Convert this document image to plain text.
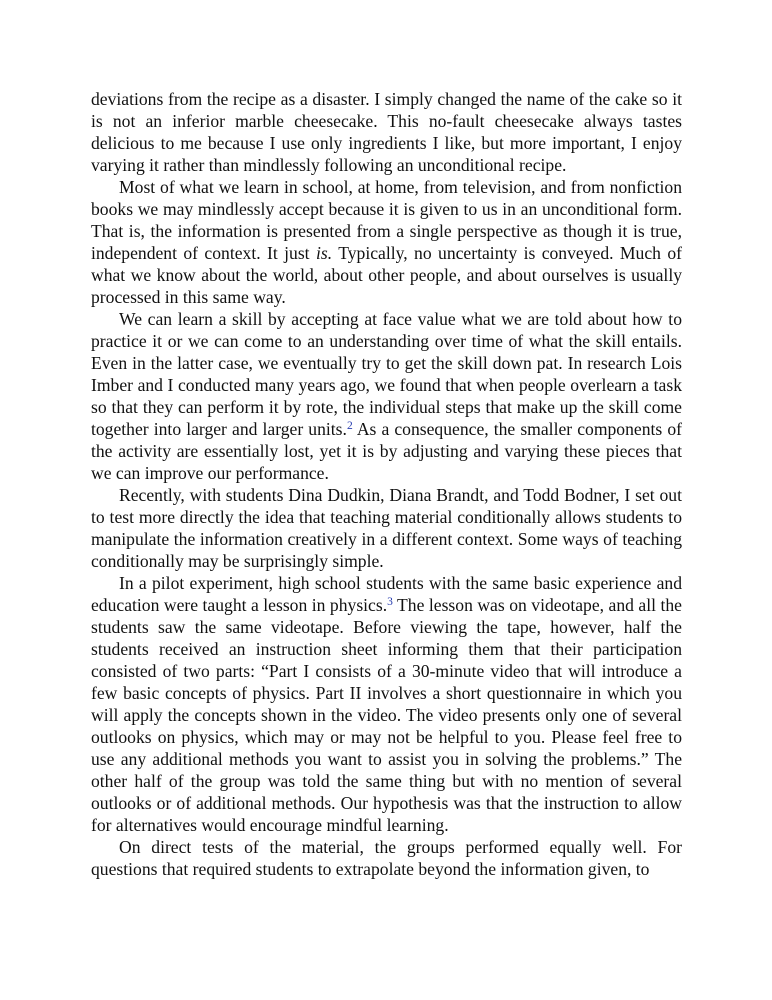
deviations from the recipe as a disaster. I simply changed the name of the cake so it is not an inferior marble cheesecake. This no-fault cheesecake always tastes delicious to me because I use only ingredients I like, but more important, I enjoy varying it rather than mindlessly following an unconditional recipe.

Most of what we learn in school, at home, from television, and from nonfiction books we may mindlessly accept because it is given to us in an unconditional form. That is, the information is presented from a single perspective as though it is true, independent of context. It just is. Typically, no uncertainty is conveyed. Much of what we know about the world, about other people, and about ourselves is usually processed in this same way.

We can learn a skill by accepting at face value what we are told about how to practice it or we can come to an understanding over time of what the skill entails. Even in the latter case, we eventually try to get the skill down pat. In research Lois Imber and I conducted many years ago, we found that when people overlearn a task so that they can perform it by rote, the individual steps that make up the skill come together into larger and larger units.$^2$ As a consequence, the smaller components of the activity are essentially lost, yet it is by adjusting and varying these pieces that we can improve our performance.

Recently, with students Dina Dudkin, Diana Brandt, and Todd Bodner, I set out to test more directly the idea that teaching material conditionally allows students to manipulate the information creatively in a different context. Some ways of teaching conditionally may be surprisingly simple.

In a pilot experiment, high school students with the same basic experience and education were taught a lesson in physics.$^3$ The lesson was on videotape, and all the students saw the same videotape. Before viewing the tape, however, half the students received an instruction sheet informing them that their participation consisted of two parts: “Part I consists of a 30-minute video that will introduce a few basic concepts of physics. Part II involves a short questionnaire in which you will apply the concepts shown in the video. The video presents only one of several outlooks on physics, which may or may not be helpful to you. Please feel free to use any additional methods you want to assist you in solving the problems.” The other half of the group was told the same thing but with no mention of several outlooks or of additional methods. Our hypothesis was that the instruction to allow for alternatives would encourage mindful learning.

On direct tests of the material, the groups performed equally well. For questions that required students to extrapolate beyond the information given, to
